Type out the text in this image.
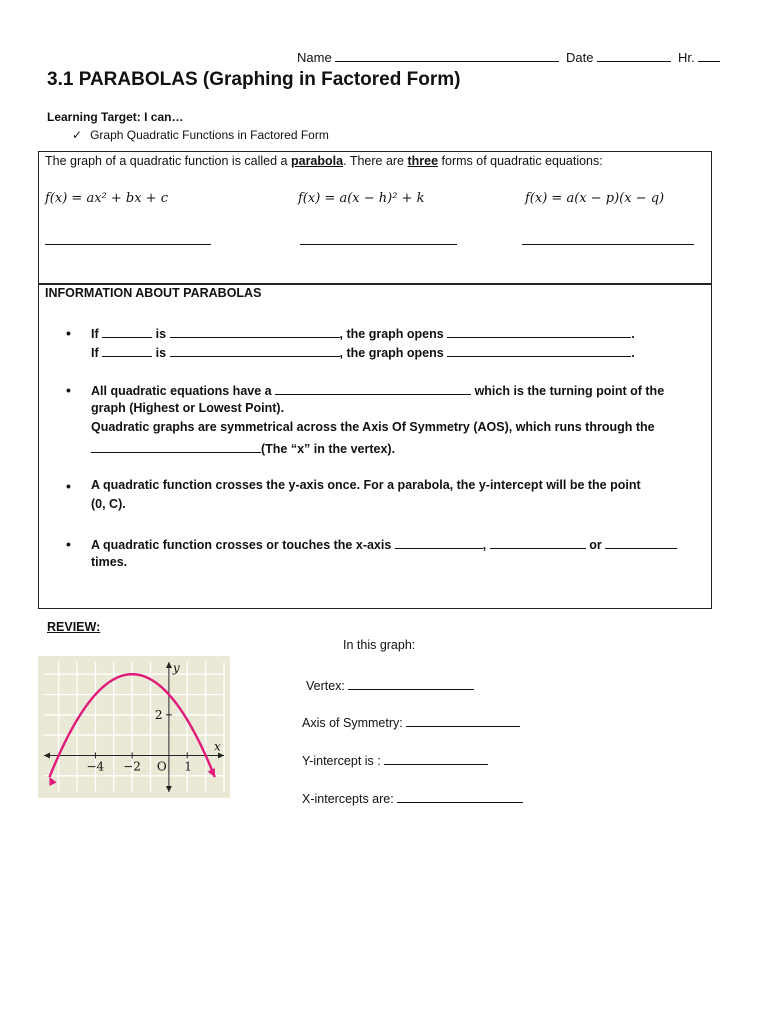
Name	Date	Hr.
3.1 PARABOLAS (Graphing in Factored Form)
Learning Target: I can…
✓ Graph Quadratic Functions in Factored Form
The graph of a quadratic function is called a parabola. There are three forms of quadratic equations:
f(x) = ax² + bx + c	f(x) = a(x − h)² + k	f(x) = a(x − p)(x − q)
INFORMATION ABOUT PARABOLAS
• If	is	, the graph opens	.
If	is	, the graph opens	.
• All quadratic equations have a	which is the turning point of the
graph (Highest or Lowest Point).
Quadratic graphs are symmetrical across the Axis Of Symmetry (AOS), which runs through the
(The “x” in the vertex).
• A quadratic function crosses the y-axis once. For a parabola, the y-intercept will be the point
(0, C).
• A quadratic function crosses or touches the x-axis	,	or
times.
REVIEW:
In this graph:
Vertex:
Axis of Symmetry:
Y-intercept is :
X-intercepts are:
y
x
2
−4 −2 O 1
